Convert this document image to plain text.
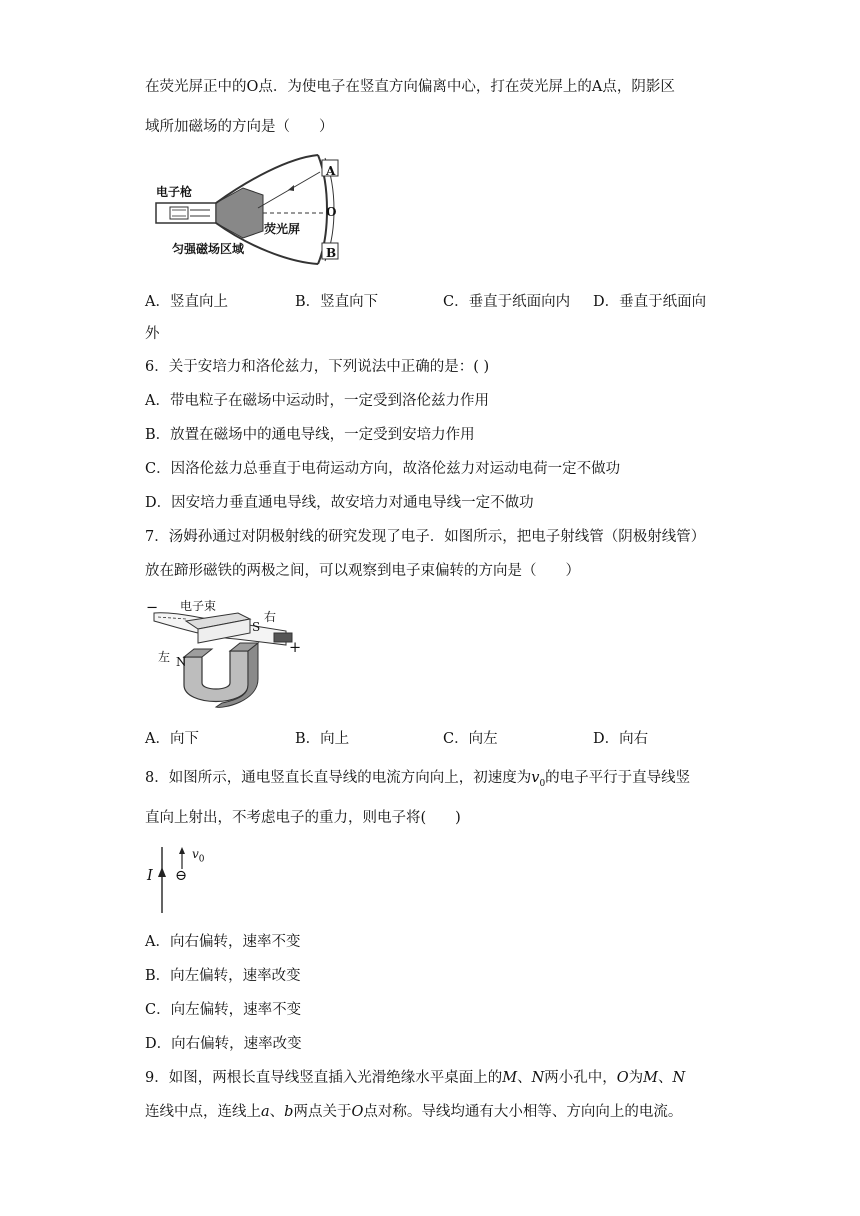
在荧光屏正中的O点．为使电子在竖直方向偏离中心，打在荧光屏上的A点，阴影区
域所加磁场的方向是（　　）
电子枪
匀强磁场区域
荧光屏
A
O
B
A．竖直向上	B．竖直向下	C．垂直于纸面向内 D．垂直于纸面向
外
6．关于安培力和洛伦兹力，下列说法中正确的是：( )
A．带电粒子在磁场中运动时，一定受到洛伦兹力作用
B．放置在磁场中的通电导线，一定受到安培力作用
C．因洛伦兹力总垂直于电荷运动方向，故洛伦兹力对运动电荷一定不做功
D．因安培力垂直通电导线，故安培力对通电导线一定不做功
7．汤姆孙通过对阴极射线的研究发现了电子．如图所示，把电子射线管（阴极射线管）
放在蹄形磁铁的两极之间，可以观察到电子束偏转的方向是（　　）
电子束
右
左
S
N
−
+
A．向下	B．向上	C．向左	D．向右
8．如图所示，通电竖直长直导线的电流方向向上，初速度为$v_0$的电子平行于直导线竖
直向上射出，不考虑电子的重力，则电子将(　　)
I
$v_0$
⊖
A．向右偏转，速率不变
B．向左偏转，速率改变
C．向左偏转，速率不变
D．向右偏转，速率改变
9．如图，两根长直导线竖直插入光滑绝缘水平桌面上的M、N两小孔中，O为M、N
连线中点，连线上a、b两点关于O点对称。导线均通有大小相等、方向向上的电流。
